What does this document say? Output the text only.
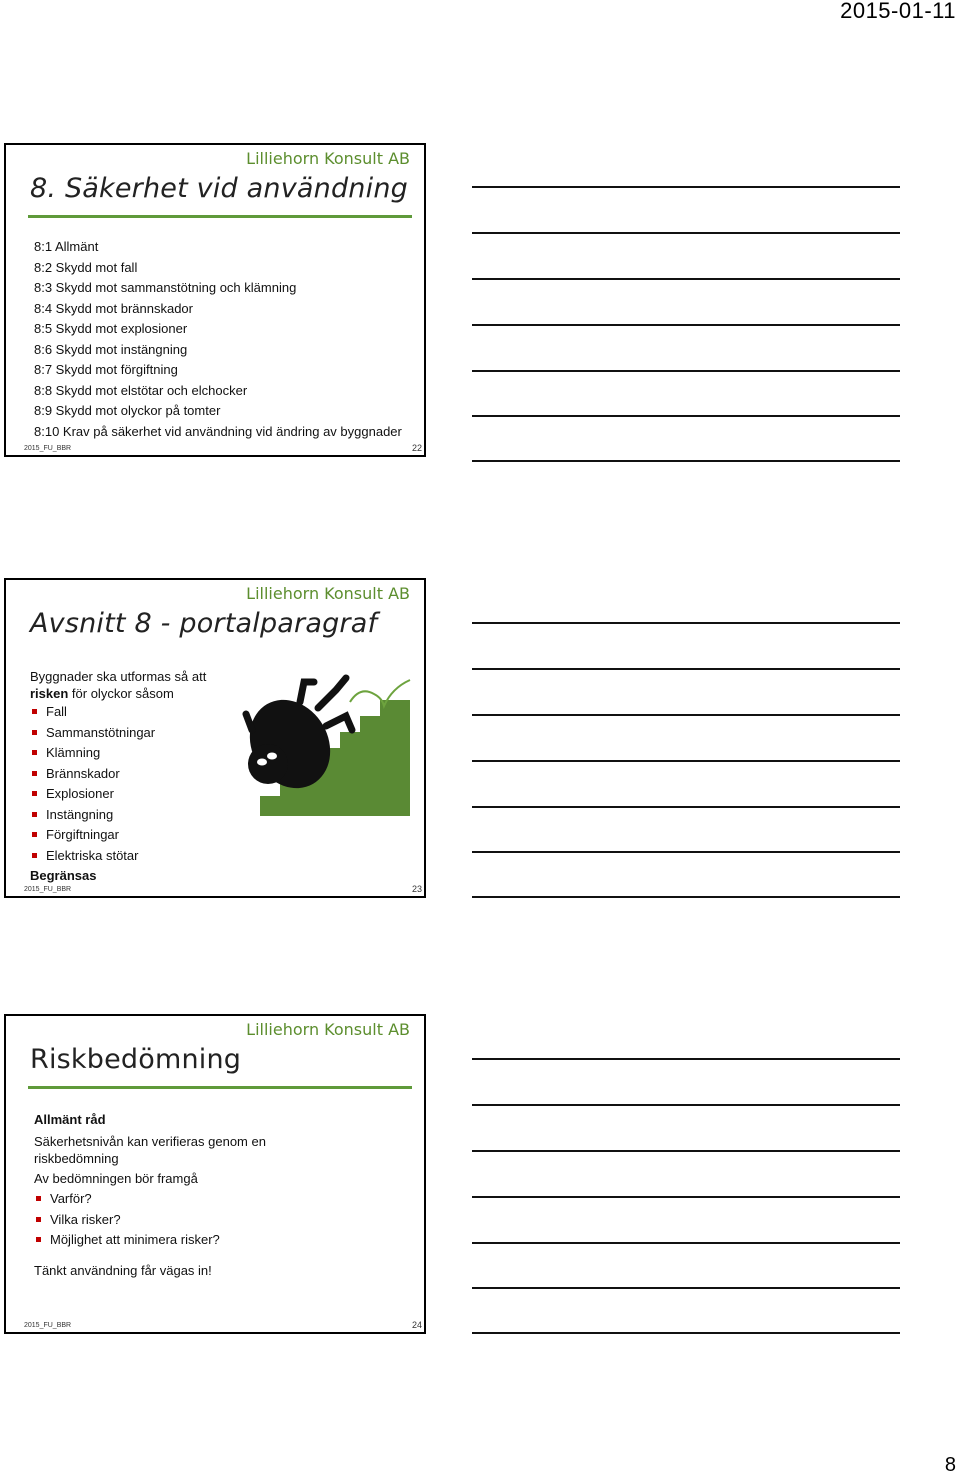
2015-01-11
Lilliehorn Konsult AB
8. Säkerhet vid användning
8:1 Allmänt
8:2 Skydd mot fall
8:3 Skydd mot sammanstötning och klämning
8:4 Skydd mot brännskador
8:5 Skydd mot explosioner
8:6 Skydd mot instängning
8:7 Skydd mot förgiftning
8:8 Skydd mot elstötar och elchocker
8:9 Skydd mot olyckor på tomter
8:10 Krav på säkerhet vid användning vid ändring av byggnader
2015_FU_BBR	22
Lilliehorn Konsult AB
Avsnitt 8 - portalparagraf
Byggnader ska utformas så att
risken för olyckor såsom
Fall
Sammanstötningar
Klämning
Brännskador
Explosioner
Instängning
Förgiftningar
Elektriska stötar
Begränsas
2015_FU_BBR	23
Lilliehorn Konsult AB
Riskbedömning
Allmänt råd
Säkerhetsnivån kan verifieras genom en
riskbedömning
Av bedömningen bör framgå
Varför?
Vilka risker?
Möjlighet att minimera risker?
Tänkt användning får vägas in!
2015_FU_BBR	24
8
